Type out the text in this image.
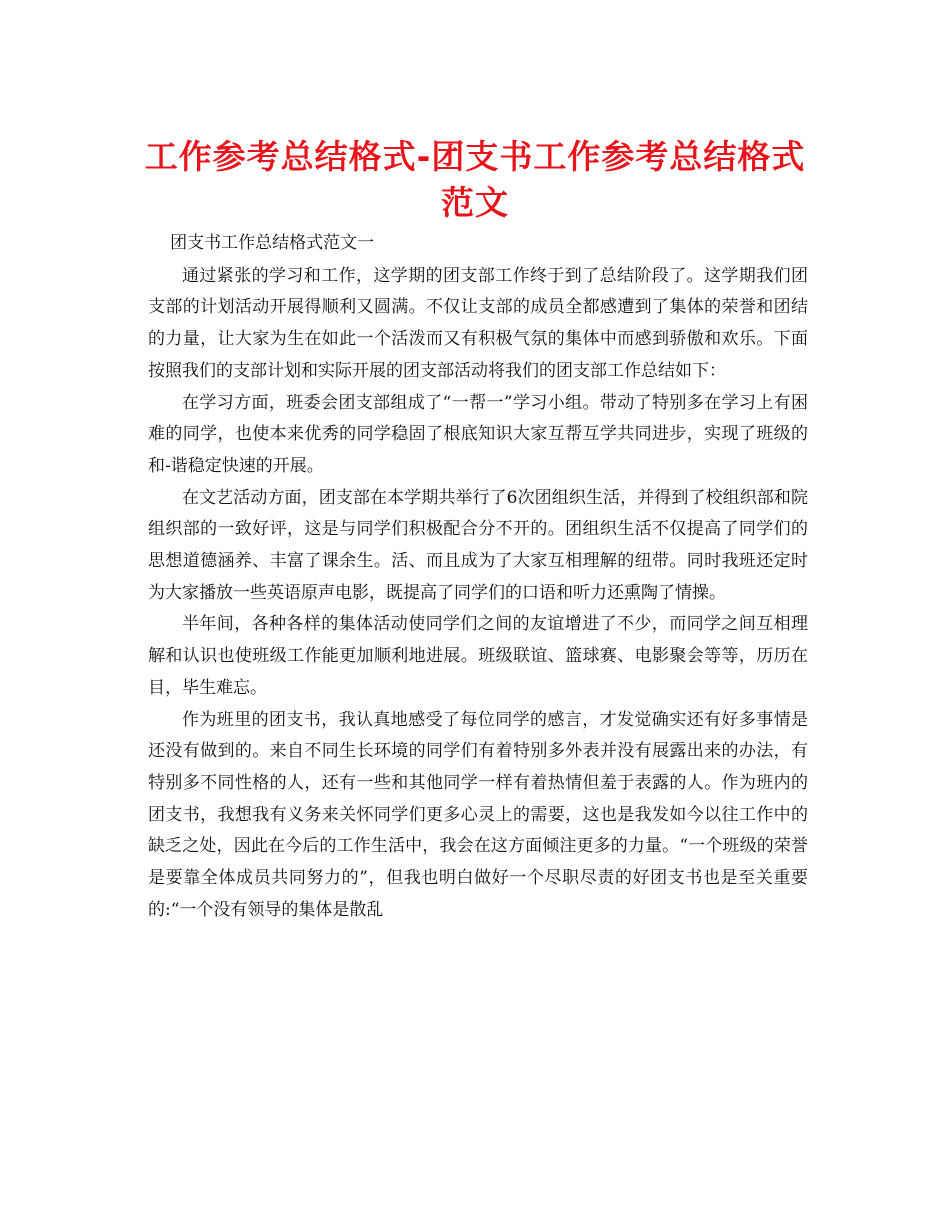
工作参考总结格式-团支书工作参考总结格式范文

团支书工作总结格式范文一

通过紧张的学习和工作，这学期的团支部工作终于到了总结阶段了。这学期我们团支部的计划活动开展得顺利又圆满。不仅让支部的成员全都感遭到了集体的荣誉和团结的力量，让大家为生在如此一个活泼而又有积极气氛的集体中而感到骄傲和欢乐。下面按照我们的支部计划和实际开展的团支部活动将我们的团支部工作总结如下：

在学习方面，班委会团支部组成了“一帮一”学习小组。带动了特别多在学习上有困难的同学，也使本来优秀的同学稳固了根底知识大家互帮互学共同进步，实现了班级的和-谐稳定快速的开展。

在文艺活动方面，团支部在本学期共举行了6次团组织生活，并得到了校组织部和院组织部的一致好评，这是与同学们积极配合分不开的。团组织生活不仅提高了同学们的思想道德涵养、丰富了课余生。活、而且成为了大家互相理解的纽带。同时我班还定时为大家播放一些英语原声电影，既提高了同学们的口语和听力还熏陶了情操。

半年间，各种各样的集体活动使同学们之间的友谊增进了不少，而同学之间互相理解和认识也使班级工作能更加顺利地进展。班级联谊、篮球赛、电影聚会等等，历历在目，毕生难忘。

作为班里的团支书，我认真地感受了每位同学的感言，才发觉确实还有好多事情是还没有做到的。来自不同生长环境的同学们有着特别多外表并没有展露出来的办法，有特别多不同性格的人，还有一些和其他同学一样有着热情但羞于表露的人。作为班内的团支书，我想我有义务来关怀同学们更多心灵上的需要，这也是我发如今以往工作中的缺乏之处，因此在今后的工作生活中，我会在这方面倾注更多的力量。“一个班级的荣誉是要靠全体成员共同努力的”，但我也明白做好一个尽职尽责的好团支书也是至关重要的:“一个没有领导的集体是散乱
